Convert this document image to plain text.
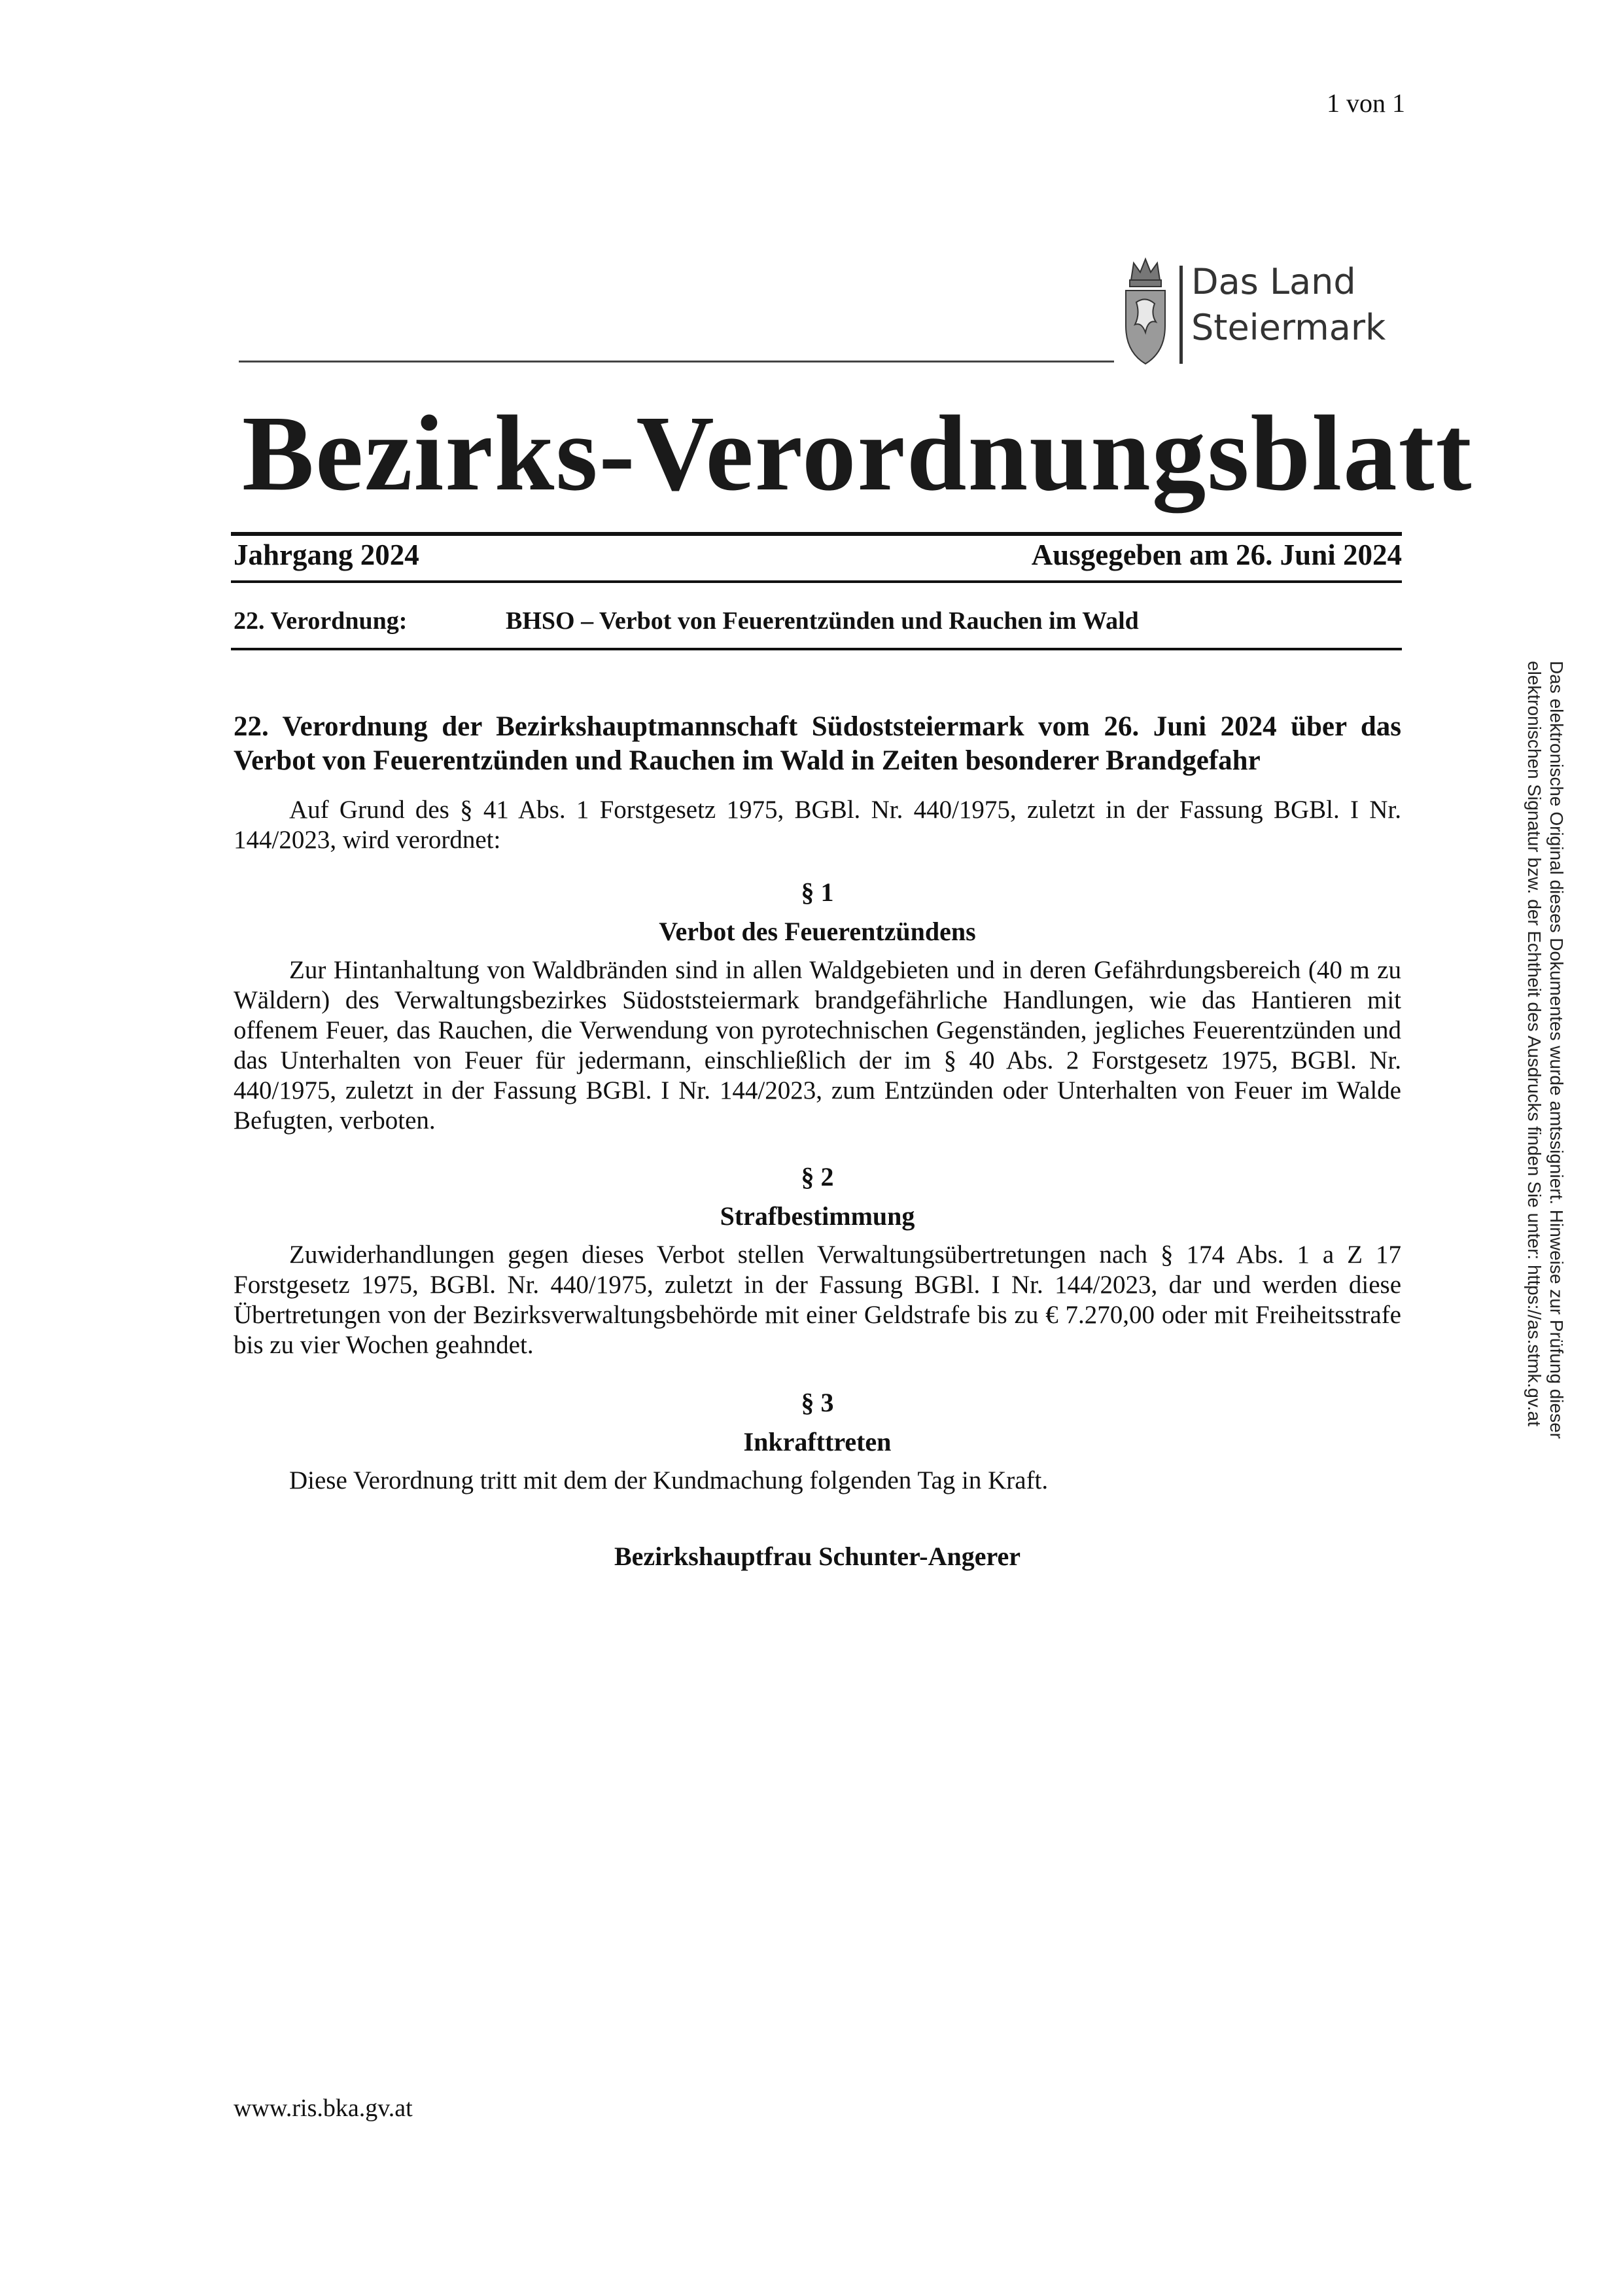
1 von 1
Das Land
Steiermark
Bezirks-Verordnungsblatt
Jahrgang 2024	Ausgegeben am 26. Juni 2024
22. Verordnung:	BHSO – Verbot von Feuerentzünden und Rauchen im Wald
22. Verordnung der Bezirkshauptmannschaft Südoststeiermark vom 26. Juni 2024 über das Verbot von Feuerentzünden und Rauchen im Wald in Zeiten besonderer Brandgefahr
Auf Grund des § 41 Abs. 1 Forstgesetz 1975, BGBl. Nr. 440/1975, zuletzt in der Fassung BGBl. I Nr. 144/2023, wird verordnet:
§ 1
Verbot des Feuerentzündens
Zur Hintanhaltung von Waldbränden sind in allen Waldgebieten und in deren Gefährdungsbereich (40 m zu Wäldern) des Verwaltungsbezirkes Südoststeiermark brandgefährliche Handlungen, wie das Hantieren mit offenem Feuer, das Rauchen, die Verwendung von pyrotechnischen Gegenständen, jegliches Feuerentzünden und das Unterhalten von Feuer für jedermann, einschließlich der im § 40 Abs. 2 Forstgesetz 1975, BGBl. Nr. 440/1975, zuletzt in der Fassung BGBl. I Nr. 144/2023, zum Entzünden oder Unterhalten von Feuer im Walde Befugten, verboten.
§ 2
Strafbestimmung
Zuwiderhandlungen gegen dieses Verbot stellen Verwaltungsübertretungen nach § 174 Abs. 1 a Z 17 Forstgesetz 1975, BGBl. Nr. 440/1975, zuletzt in der Fassung BGBl. I Nr. 144/2023, dar und werden diese Übertretungen von der Bezirksverwaltungsbehörde mit einer Geldstrafe bis zu € 7.270,00 oder mit Freiheitsstrafe bis zu vier Wochen geahndet.
§ 3
Inkrafttreten
Diese Verordnung tritt mit dem der Kundmachung folgenden Tag in Kraft.
Bezirkshauptfrau Schunter-Angerer
Das elektronische Original dieses Dokumentes wurde amtssigniert. Hinweise zur Prüfung dieser elektronischen Signatur bzw. der Echtheit des Ausdrucks finden Sie unter: https://as.stmk.gv.at
www.ris.bka.gv.at
